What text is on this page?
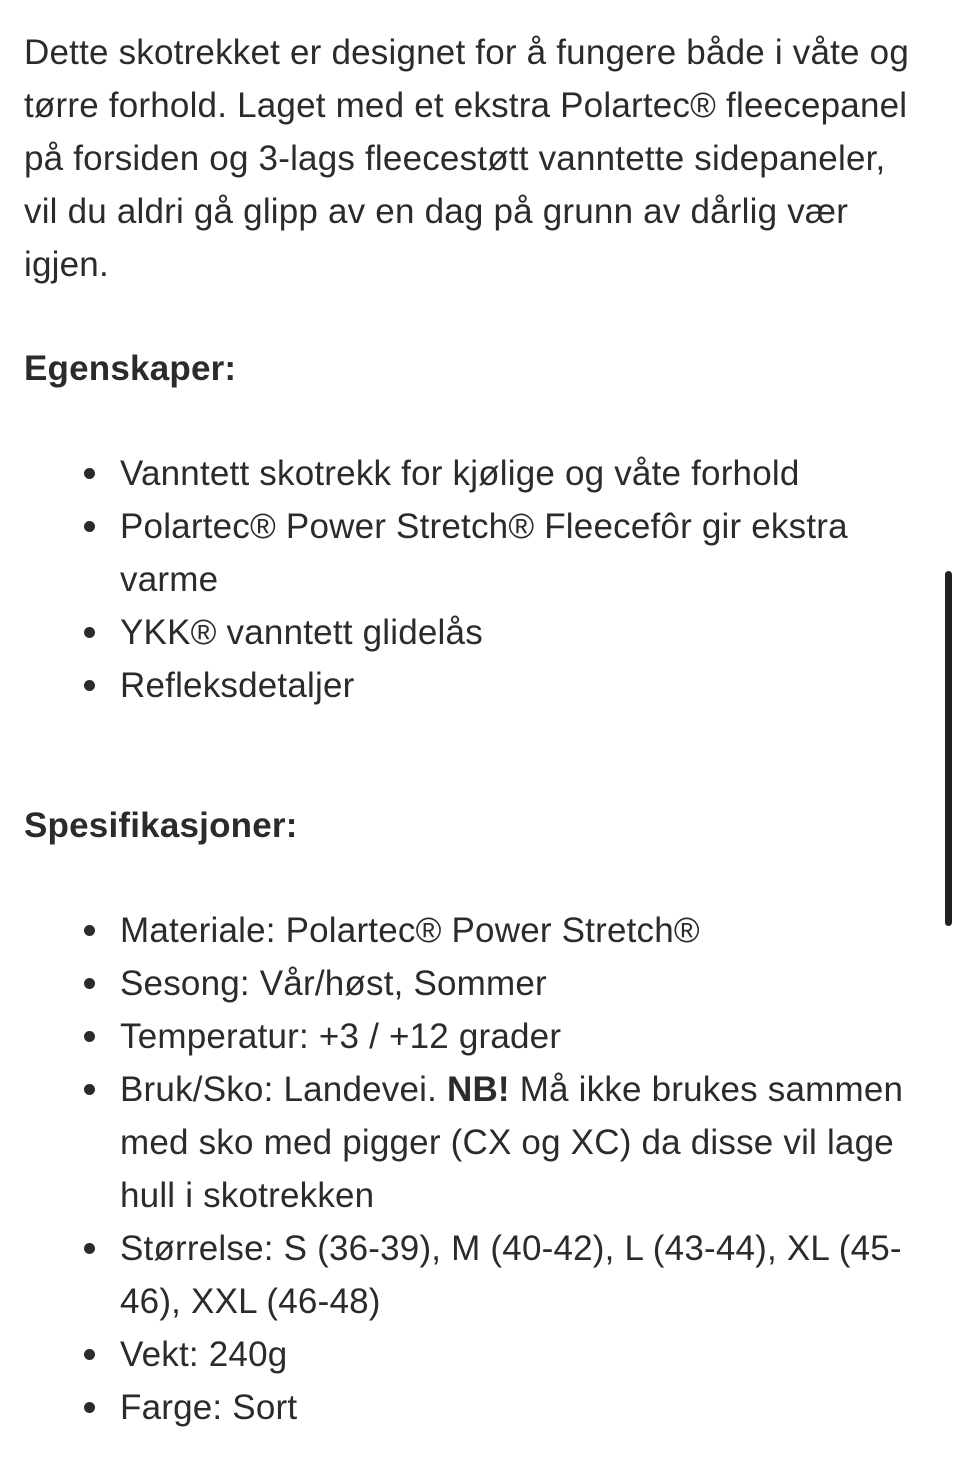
Dette skotrekket er designet for å fungere både i våte og tørre forhold. Laget med et ekstra Polartec® fleecepanel på forsiden og 3-lags fleecestøtt vanntette sidepaneler, vil du aldri gå glipp av en dag på grunn av dårlig vær igjen.

Egenskaper:
Vanntett skotrekk for kjølige og våte forhold
Polartec® Power Stretch® Fleecefôr gir ekstra varme
YKK® vanntett glidelås
Refleksdetaljer
Spesifikasjoner:
Materiale: Polartec® Power Stretch®
Sesong: Vår/høst, Sommer
Temperatur: +3 / +12 grader
Bruk/Sko: Landevei. NB! Må ikke brukes sammen med sko med pigger (CX og XC) da disse vil lage hull i skotrekken
Størrelse: S (36-39), M (40-42), L (43-44), XL (45-46), XXL (46-48)
Vekt: 240g
Farge: Sort
